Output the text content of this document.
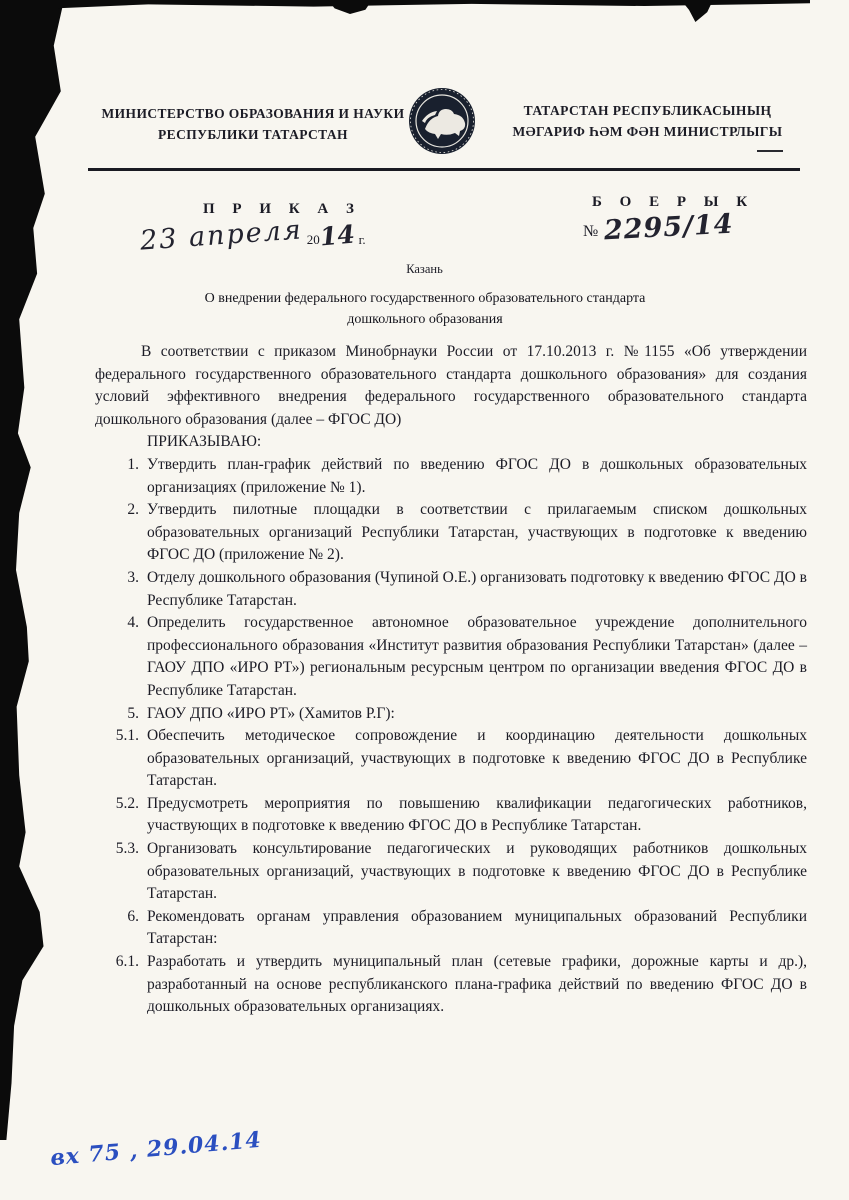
МИНИСТЕРСТВО ОБРАЗОВАНИЯ И НАУКИ
РЕСПУБЛИКИ ТАТАРСТАН
ТАТАРСТАН РЕСПУБЛИКАСЫНЫҢ
МӘГАРИФ ҺӘМ ФӘН МИНИСТРЛЫГЫ
П Р И К А З	Б О Е Р Ы К
23 апреля 2014 г.	№ 2295/14
Казань
О внедрении федерального государственного образовательного стандарта
дошкольного образования

В соответствии с приказом Минобрнауки России от 17.10.2013 г. №1155 «Об утверждении федерального государственного образовательного стандарта дошкольного образования» для создания условий эффективного внедрения федерального государственного образовательного стандарта дошкольного образования (далее – ФГОС ДО)

ПРИКАЗЫВАЮ:

1. Утвердить план-график действий по введению ФГОС ДО в дошкольных образовательных организациях (приложение № 1).
2. Утвердить пилотные площадки в соответствии с прилагаемым списком дошкольных образовательных организаций Республики Татарстан, участвующих в подготовке к введению ФГОС ДО (приложение № 2).
3. Отделу дошкольного образования (Чупиной О.Е.) организовать подготовку к введению ФГОС ДО в Республике Татарстан.
4. Определить государственное автономное образовательное учреждение дополнительного профессионального образования «Институт развития образования Республики Татарстан» (далее – ГАОУ ДПО «ИРО РТ») региональным ресурсным центром по организации введения ФГОС ДО в Республике Татарстан.
5. ГАОУ ДПО «ИРО РТ» (Хамитов Р.Г):
5.1. Обеспечить методическое сопровождение и координацию деятельности дошкольных образовательных организаций, участвующих в подготовке к введению ФГОС ДО в Республике Татарстан.
5.2. Предусмотреть мероприятия по повышению квалификации педагогических работников, участвующих в подготовке к введению ФГОС ДО в Республике Татарстан.
5.3. Организовать консультирование педагогических и руководящих работников дошкольных образовательных организаций, участвующих в подготовке к введению ФГОС ДО в Республике Татарстан.
6. Рекомендовать органам управления образованием муниципальных образований Республики Татарстан:
6.1. Разработать и утвердить муниципальный план (сетевые графики, дорожные карты и др.), разработанный на основе республиканского плана-графика действий по введению ФГОС ДО в дошкольных образовательных организациях.
вх 75 , 29.04.14
